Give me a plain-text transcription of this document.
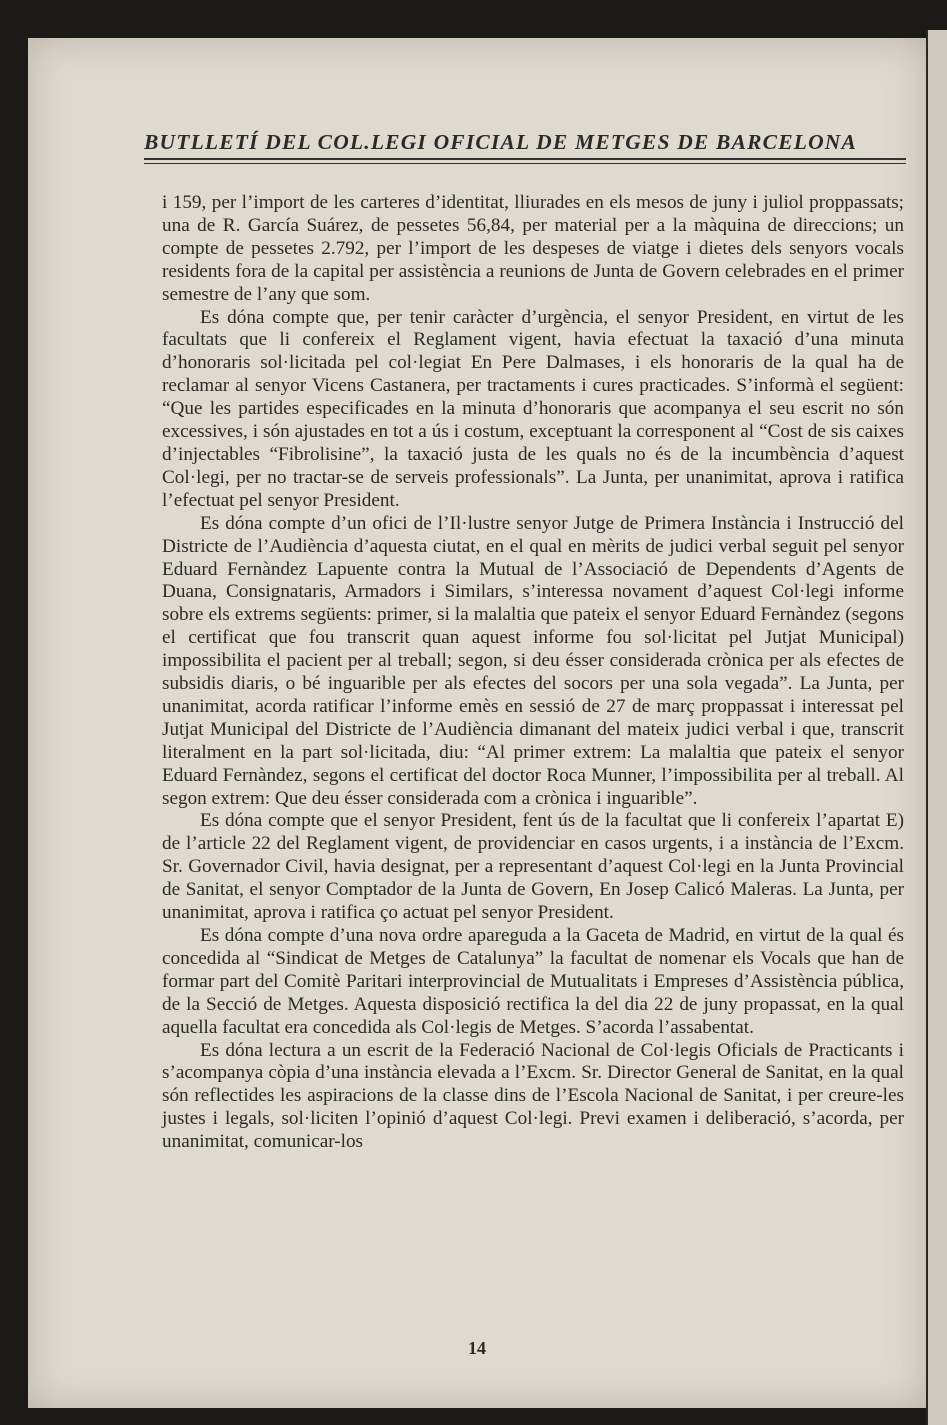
BUTLLETÍ DEL COL.LEGI OFICIAL DE METGES DE BARCELONA

i 159, per l’import de les carteres d’identitat, lliurades en els mesos de juny i juliol proppassats; una de R. García Suárez, de pessetes 56,84, per material per a la màquina de direccions; un compte de pessetes 2.792, per l’import de les despeses de viatge i dietes dels senyors vocals residents fora de la capital per assistència a reunions de Junta de Govern celebrades en el primer semestre de l’any que som.

Es dóna compte que, per tenir caràcter d’urgència, el senyor President, en virtut de les facultats que li confereix el Reglament vigent, havia efectuat la taxació d’una minuta d’honoraris sol·licitada pel col·legiat En Pere Dalmases, i els honoraris de la qual ha de reclamar al senyor Vicens Castanera, per tractaments i cures practicades. S’informà el següent: “Que les partides especificades en la minuta d’honoraris que acompanya el seu escrit no són excessives, i són ajustades en tot a ús i costum, exceptuant la corresponent al “Cost de sis caixes d’injectables “Fibrolisine”, la taxació justa de les quals no és de la incumbència d’aquest Col·legi, per no tractar-se de serveis professionals”. La Junta, per unanimitat, aprova i ratifica l’efectuat pel senyor President.

Es dóna compte d’un ofici de l’Il·lustre senyor Jutge de Primera Instància i Instrucció del Districte de l’Audiència d’aquesta ciutat, en el qual en mèrits de judici verbal seguit pel senyor Eduard Fernàndez Lapuente contra la Mutual de l’Associació de Dependents d’Agents de Duana, Consignataris, Armadors i Similars, s’interessa novament d’aquest Col·legi informe sobre els extrems següents: primer, si la malaltia que pateix el senyor Eduard Fernàndez (segons el certificat que fou transcrit quan aquest informe fou sol·licitat pel Jutjat Municipal) impossibilita el pacient per al treball; segon, si deu ésser considerada crònica per als efectes de subsidis diaris, o bé inguarible per als efectes del socors per una sola vegada”. La Junta, per unanimitat, acorda ratificar l’informe emès en sessió de 27 de març proppassat i interessat pel Jutjat Municipal del Districte de l’Audiència dimanant del mateix judici verbal i que, transcrit literalment en la part sol·licitada, diu: “Al primer extrem: La malaltia que pateix el senyor Eduard Fernàndez, segons el certificat del doctor Roca Munner, l’impossibilita per al treball. Al segon extrem: Que deu ésser considerada com a crònica i inguarible”.

Es dóna compte que el senyor President, fent ús de la facultat que li confereix l’apartat E) de l’article 22 del Reglament vigent, de providenciar en casos urgents, i a instància de l’Excm. Sr. Governador Civil, havia designat, per a representant d’aquest Col·legi en la Junta Provincial de Sanitat, el senyor Comptador de la Junta de Govern, En Josep Calicó Maleras. La Junta, per unanimitat, aprova i ratifica ço actuat pel senyor President.

Es dóna compte d’una nova ordre apareguda a la Gaceta de Madrid, en virtut de la qual és concedida al “Sindicat de Metges de Catalunya” la facultat de nomenar els Vocals que han de formar part del Comitè Paritari interprovincial de Mutualitats i Empreses d’Assistència pública, de la Secció de Metges. Aquesta disposició rectifica la del dia 22 de juny propassat, en la qual aquella facultat era concedida als Col·legis de Metges. S’acorda l’assabentat.

Es dóna lectura a un escrit de la Federació Nacional de Col·legis Oficials de Practicants i s’acompanya còpia d’una instància elevada a l’Excm. Sr. Director General de Sanitat, en la qual són reflectides les aspiracions de la classe dins de l’Escola Nacional de Sanitat, i per creure-les justes i legals, sol·liciten l’opinió d’aquest Col·legi. Previ examen i deliberació, s’acorda, per unanimitat, comunicar-los

14
